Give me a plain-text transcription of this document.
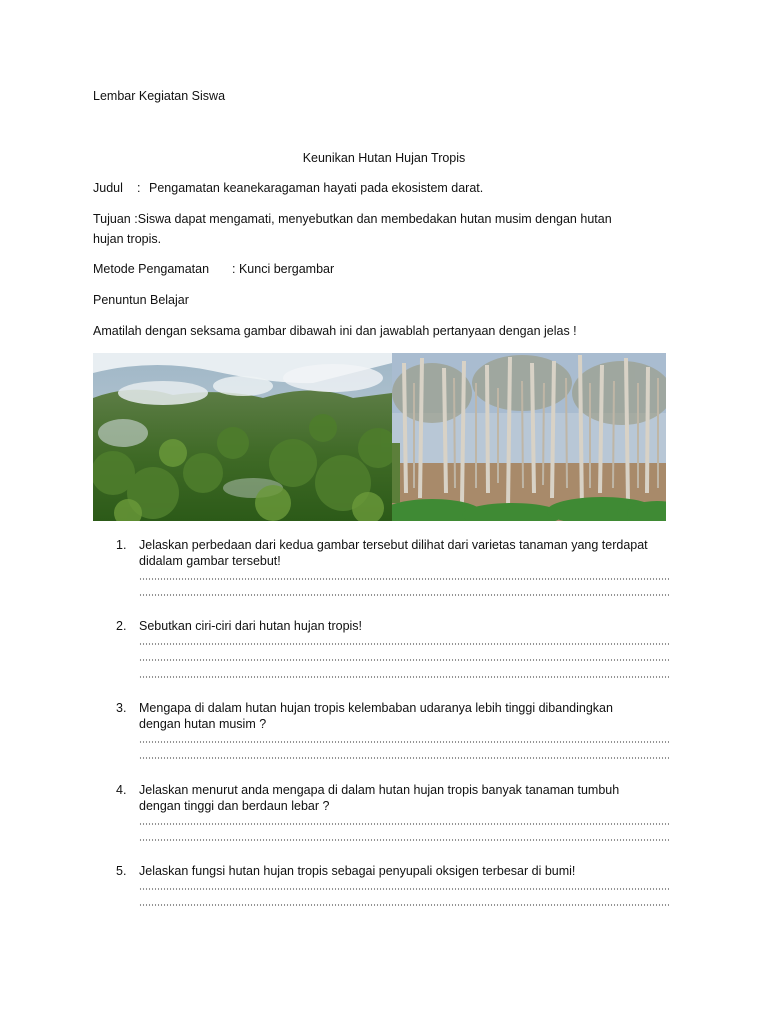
Lembar Kegiatan Siswa
Keunikan Hutan Hujan Tropis
Judul : Pengamatan keanekaragaman hayati pada ekosistem darat.
Tujuan :Siswa dapat mengamati, menyebutkan dan membedakan hutan musim dengan hutan
hujan tropis.
Metode Pengamatan : Kunci bergambar
Penuntun Belajar
Amatilah dengan seksama gambar dibawah ini dan jawablah pertanyaan dengan jelas !
1. Jelaskan perbedaan dari kedua gambar tersebut dilihat dari varietas tanaman yang terdapat
didalam gambar tersebut!
2. Sebutkan ciri-ciri dari hutan hujan tropis!
3. Mengapa di dalam hutan hujan tropis kelembaban udaranya lebih tinggi dibandingkan
dengan hutan musim ?
4. Jelaskan menurut anda mengapa di dalam hutan hujan tropis banyak tanaman tumbuh
dengan tinggi dan berdaun lebar ?
5. Jelaskan fungsi hutan hujan tropis sebagai penyupali oksigen terbesar di bumi!
